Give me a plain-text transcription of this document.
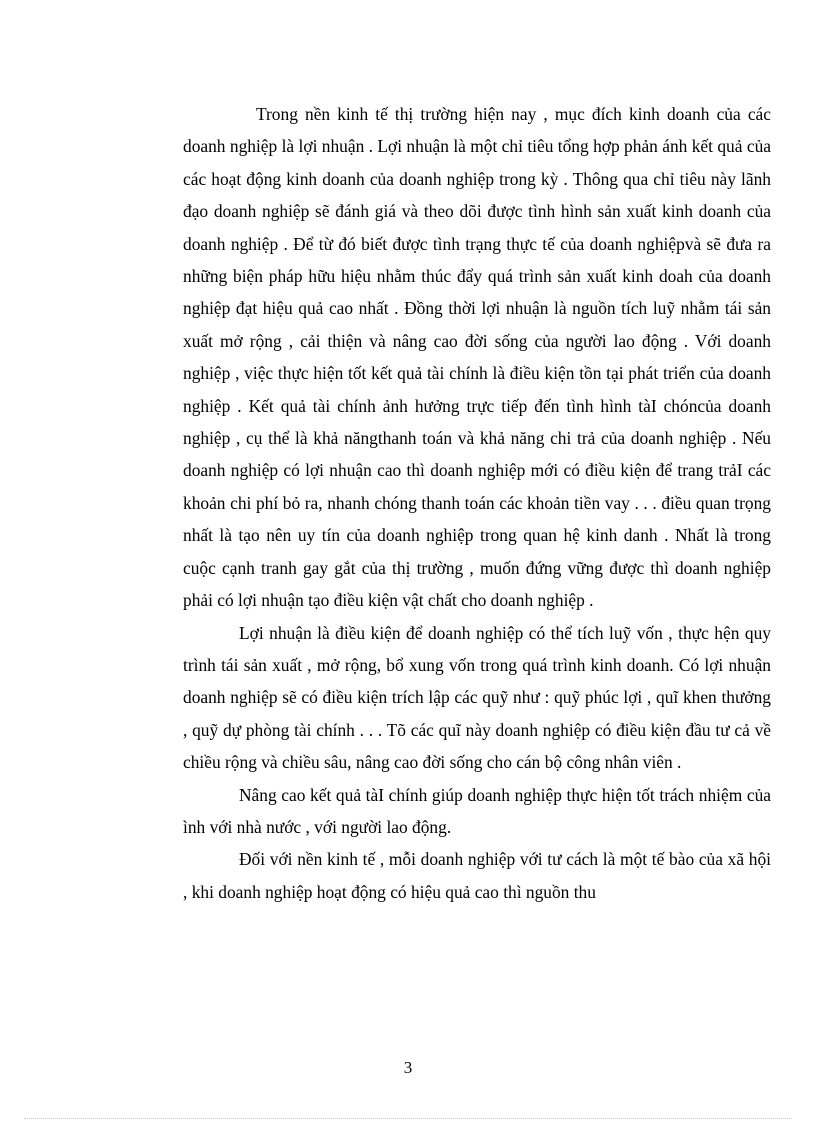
Trong nền kinh tế thị trường hiện nay , mục đích kinh doanh của các doanh nghiệp là lợi nhuận . Lợi nhuận là một chỉ tiêu tổng hợp phản ánh kết quả của các hoạt động kinh doanh của doanh nghiệp trong kỳ . Thông qua chỉ tiêu này lãnh đạo doanh nghiệp sẽ đánh giá và theo dõi được tình hình sản xuất kinh doanh của doanh nghiệp . Để từ đó biết được tình trạng thực tế của doanh nghiệpvà sẽ đưa ra những biện pháp hữu hiệu nhằm thúc đẩy quá trình sản xuất kinh doah của doanh nghiệp đạt hiệu quả cao nhất . Đồng thời lợi nhuận là nguồn tích luỹ nhằm tái sản xuất mở rộng , cải thiện và nâng cao đời sống của người lao động . Với doanh nghiệp , việc thực hiện tốt kết quả tài chính là điều kiện tồn tại phát triển của doanh nghiệp . Kết quả tài chính ảnh hưởng trực tiếp đến tình hình tàI chóncủa doanh nghiệp , cụ thể là khả năngthanh toán và khả năng chi trả của doanh nghiệp . Nếu doanh nghiệp có lợi nhuận cao thì doanh nghiệp mới có điều kiện để trang trảI các khoản chi phí bỏ ra, nhanh chóng thanh toán các khoản tiền vay . . . điều quan trọng nhất là tạo nên uy tín của doanh nghiệp trong quan hệ kinh danh . Nhất là trong cuộc cạnh tranh gay gắt của thị trường , muốn đứng vững được thì doanh nghiệp phải có lợi nhuận tạo điều kiện vật chất cho doanh nghiệp .

Lợi nhuận là điều kiện để doanh nghiệp có thể tích luỹ vốn , thực hện quy trình tái sản xuất , mở rộng, bổ xung vốn trong quá trình kinh doanh. Có lợi nhuận doanh nghiệp sẽ có điều kiện trích lập các quỹ như : quỹ phúc lợi , quĩ khen thưởng , quỹ dự phòng tài chính . . . Tõ các quĩ này doanh nghiệp có điều kiện đầu tư cả về chiều rộng và chiều sâu, nâng cao đời sống cho cán bộ công nhân viên .

Nâng cao kết quả tàI chính giúp doanh nghiệp thực hiện tốt trách nhiệm của ình với nhà nước , với người lao động.

Đối với nền kinh tế , mỗi doanh nghiệp với tư cách là một tế bào của xã hội , khi doanh nghiệp hoạt động có hiệu quả cao thì nguồn thu

3
